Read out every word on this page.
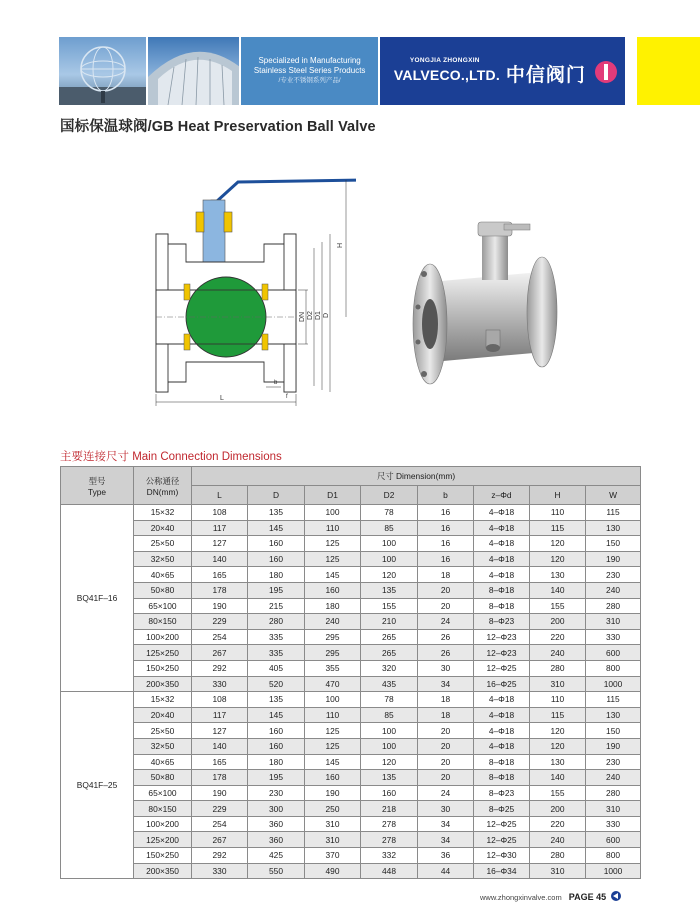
Specialized in Manufacturing
Stainless Steel Series Products
/专业不锈钢系列产品/
YONGJIA ZHONGXIN
VALVECO.,LTD. 中信阀门
国标保温球阀/GB Heat Preservation Ball Valve
H
DN D2 D1 D
L
b
f
主要连接尺寸 Main Connection Dimensions
型号
Type	公称通径
DN(mm)	尺寸 Dimension(mm)							
		L	D	D1	D2	b	z–Φd	H	W
BQ41F–16	15×32	108	135	100	78	16	4–Φ18	110	115
	20×40	117	145	110	85	16	4–Φ18	115	130
	25×50	127	160	125	100	16	4–Φ18	120	150
	32×50	140	160	125	100	16	4–Φ18	120	190
	40×65	165	180	145	120	18	4–Φ18	130	230
	50×80	178	195	160	135	20	8–Φ18	140	240
	65×100	190	215	180	155	20	8–Φ18	155	280
	80×150	229	280	240	210	24	8–Φ23	200	310
	100×200	254	335	295	265	26	12–Φ23	220	330
	125×250	267	335	295	265	26	12–Φ23	240	600
	150×250	292	405	355	320	30	12–Φ25	280	800
	200×350	330	520	470	435	34	16–Φ25	310	1000
BQ41F–25	15×32	108	135	100	78	18	4–Φ18	110	115
	20×40	117	145	110	85	18	4–Φ18	115	130
	25×50	127	160	125	100	20	4–Φ18	120	150
	32×50	140	160	125	100	20	4–Φ18	120	190
	40×65	165	180	145	120	20	8–Φ18	130	230
	50×80	178	195	160	135	20	8–Φ18	140	240
	65×100	190	230	190	160	24	8–Φ23	155	280
	80×150	229	300	250	218	30	8–Φ25	200	310
	100×200	254	360	310	278	34	12–Φ25	220	330
	125×200	267	360	310	278	34	12–Φ25	240	600
	150×250	292	425	370	332	36	12–Φ30	280	800
	200×350	330	550	490	448	44	16–Φ34	310	1000
www.zhongxinvalve.com PAGE 45
